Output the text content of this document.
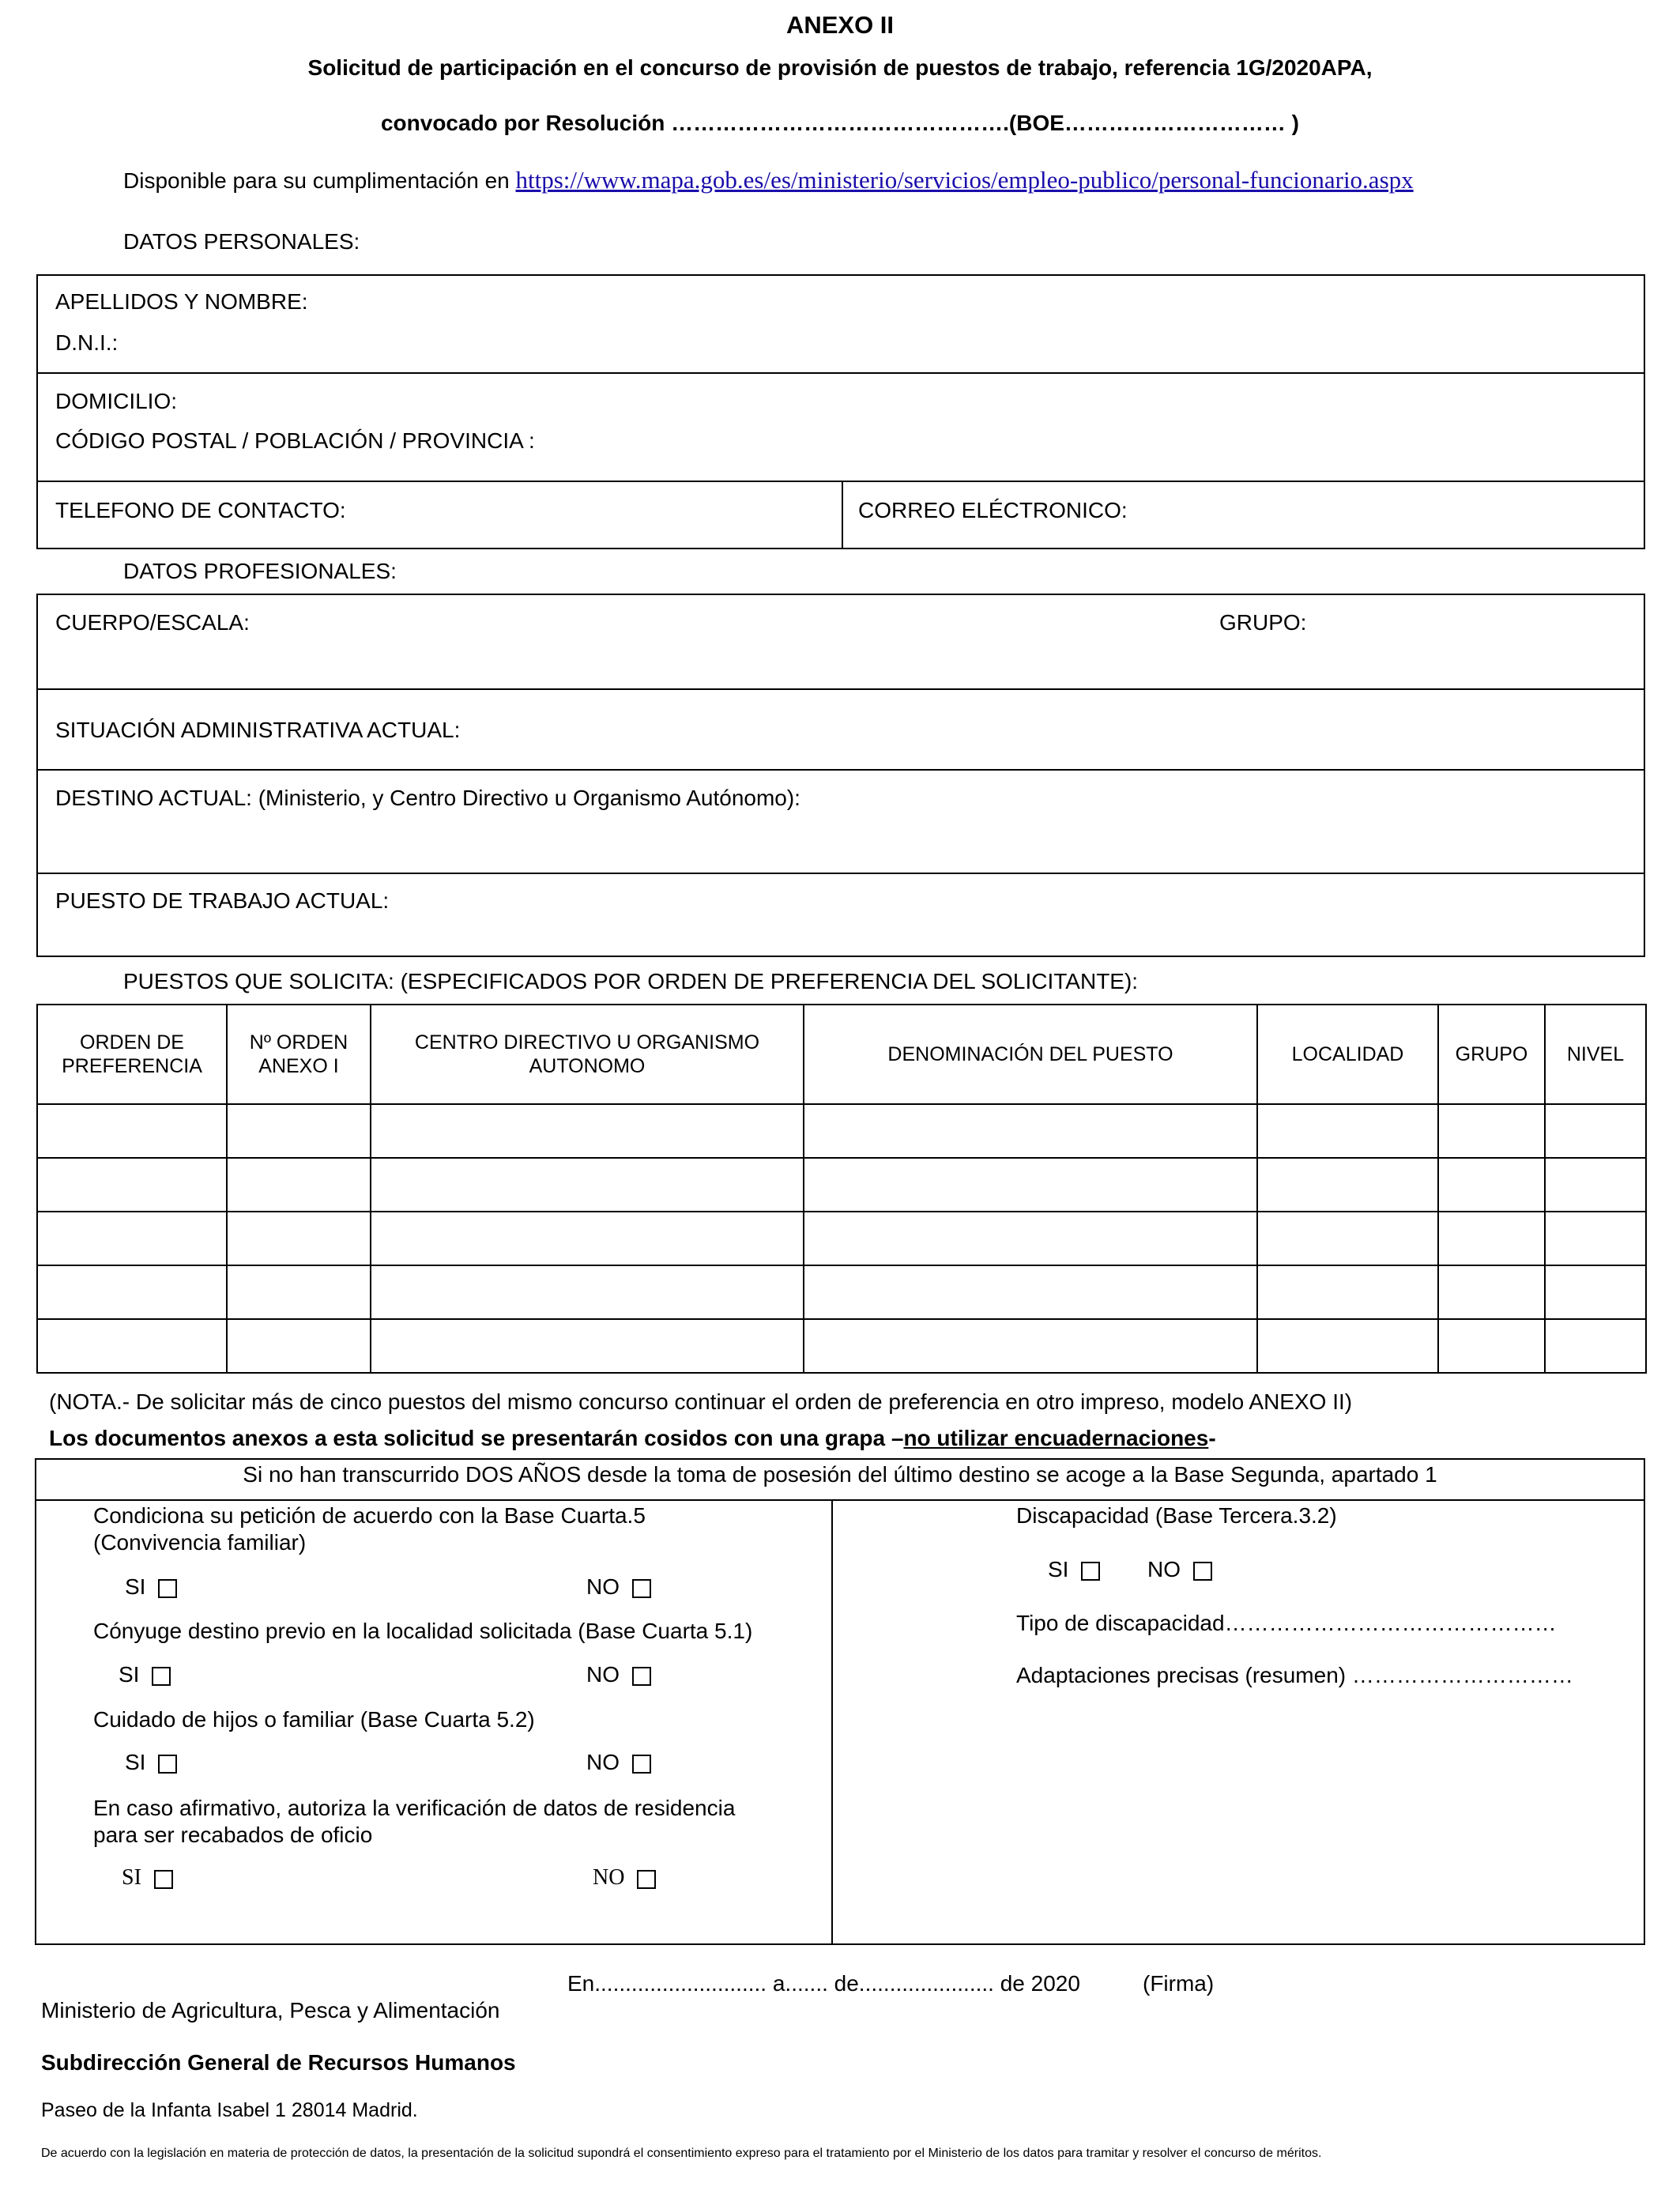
ANEXO II
Solicitud de participación en el concurso de provisión de puestos de trabajo, referencia 1G/2020APA,
convocado por Resolución ……………………………………….(BOE………………………… )
Disponible para su cumplimentación en https://www.mapa.gob.es/es/ministerio/servicios/empleo-publico/personal-funcionario.aspx
DATOS PERSONALES:
APELLIDOS Y NOMBRE:
D.N.I.:
DOMICILIO:
CÓDIGO POSTAL / POBLACIÓN / PROVINCIA :
TELEFONO DE CONTACTO:	CORREO ELÉCTRONICO:
DATOS PROFESIONALES:
CUERPO/ESCALA:	GRUPO:
SITUACIÓN ADMINISTRATIVA ACTUAL:
DESTINO ACTUAL: (Ministerio, y Centro Directivo u Organismo Autónomo):
PUESTO DE TRABAJO ACTUAL:
PUESTOS QUE SOLICITA: (ESPECIFICADOS POR ORDEN DE PREFERENCIA DEL SOLICITANTE):
ORDEN DE PREFERENCIA	Nº ORDEN ANEXO I	CENTRO DIRECTIVO U ORGANISMO AUTONOMO	DENOMINACIÓN DEL PUESTO	LOCALIDAD	GRUPO	NIVEL

(NOTA.- De solicitar más de cinco puestos del mismo concurso continuar el orden de preferencia en otro impreso, modelo ANEXO II)
Los documentos anexos a esta solicitud se presentarán cosidos con una grapa –no utilizar encuadernaciones-
Si no han transcurrido DOS AÑOS desde la toma de posesión del último destino se acoge a la Base Segunda, apartado 1
Condiciona su petición de acuerdo con la Base Cuarta.5
(Convivencia familiar)
SI	NO
Cónyuge destino previo en la localidad solicitada (Base Cuarta 5.1)
SI	NO
Cuidado de hijos o familiar (Base Cuarta 5.2)
SI	NO
En caso afirmativo, autoriza la verificación de datos de residencia
para ser recabados de oficio
SI	NO
Discapacidad (Base Tercera.3.2)
SI	NO
Tipo de discapacidad………………………………………
Adaptaciones precisas (resumen) …………………………
En............................ a....... de...................... de 2020	(Firma)
Ministerio de Agricultura, Pesca y Alimentación
Subdirección General de Recursos Humanos
Paseo de la Infanta Isabel 1 28014 Madrid.
De acuerdo con la legislación en materia de protección de datos, la presentación de la solicitud supondrá el consentimiento expreso para el tratamiento por el Ministerio de los datos para tramitar y resolver el concurso de méritos.
